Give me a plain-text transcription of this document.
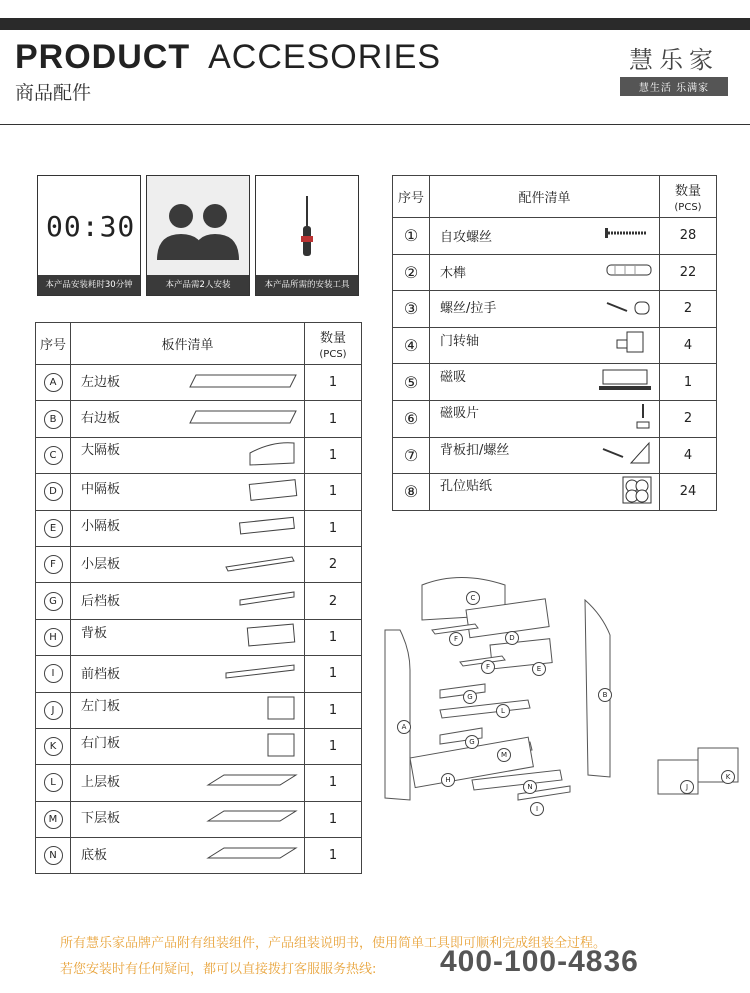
PRODUCT ACCESORIES
商品配件
慧乐家
慧生活 乐满家
00:30
本产品安装耗时30分钟	本产品需2人安装	本产品所需的安装工具
序号	板件清单	数量
(PCS)
A	左边板	1
B	右边板	1
C	大隔板	1
D	中隔板	1
E	小隔板	1
F	小层板	2
G	后档板	2
H	背板	1
I	前档板	1
J	左门板	1
K	右门板	1
L	上层板	1
M	下层板	1
N	底板	1
序号	配件清单	数量
(PCS)
①	自攻螺丝	28
②	木榫	22
③	螺丝/拉手	2
④	门转轴	4
⑤	磁吸	1
⑥	磁吸片	2
⑦	背板扣/螺丝	4
⑧	孔位贴纸	24
A
B
C
D
E
F
F
G
G
H
I
J
K
L
M
N
所有慧乐家品牌产品附有组装组件，产品组装说明书，使用简单工具即可顺利完成组装全过程。
若您安装时有任何疑问，都可以直接拨打客服服务热线: 400-100-4836
